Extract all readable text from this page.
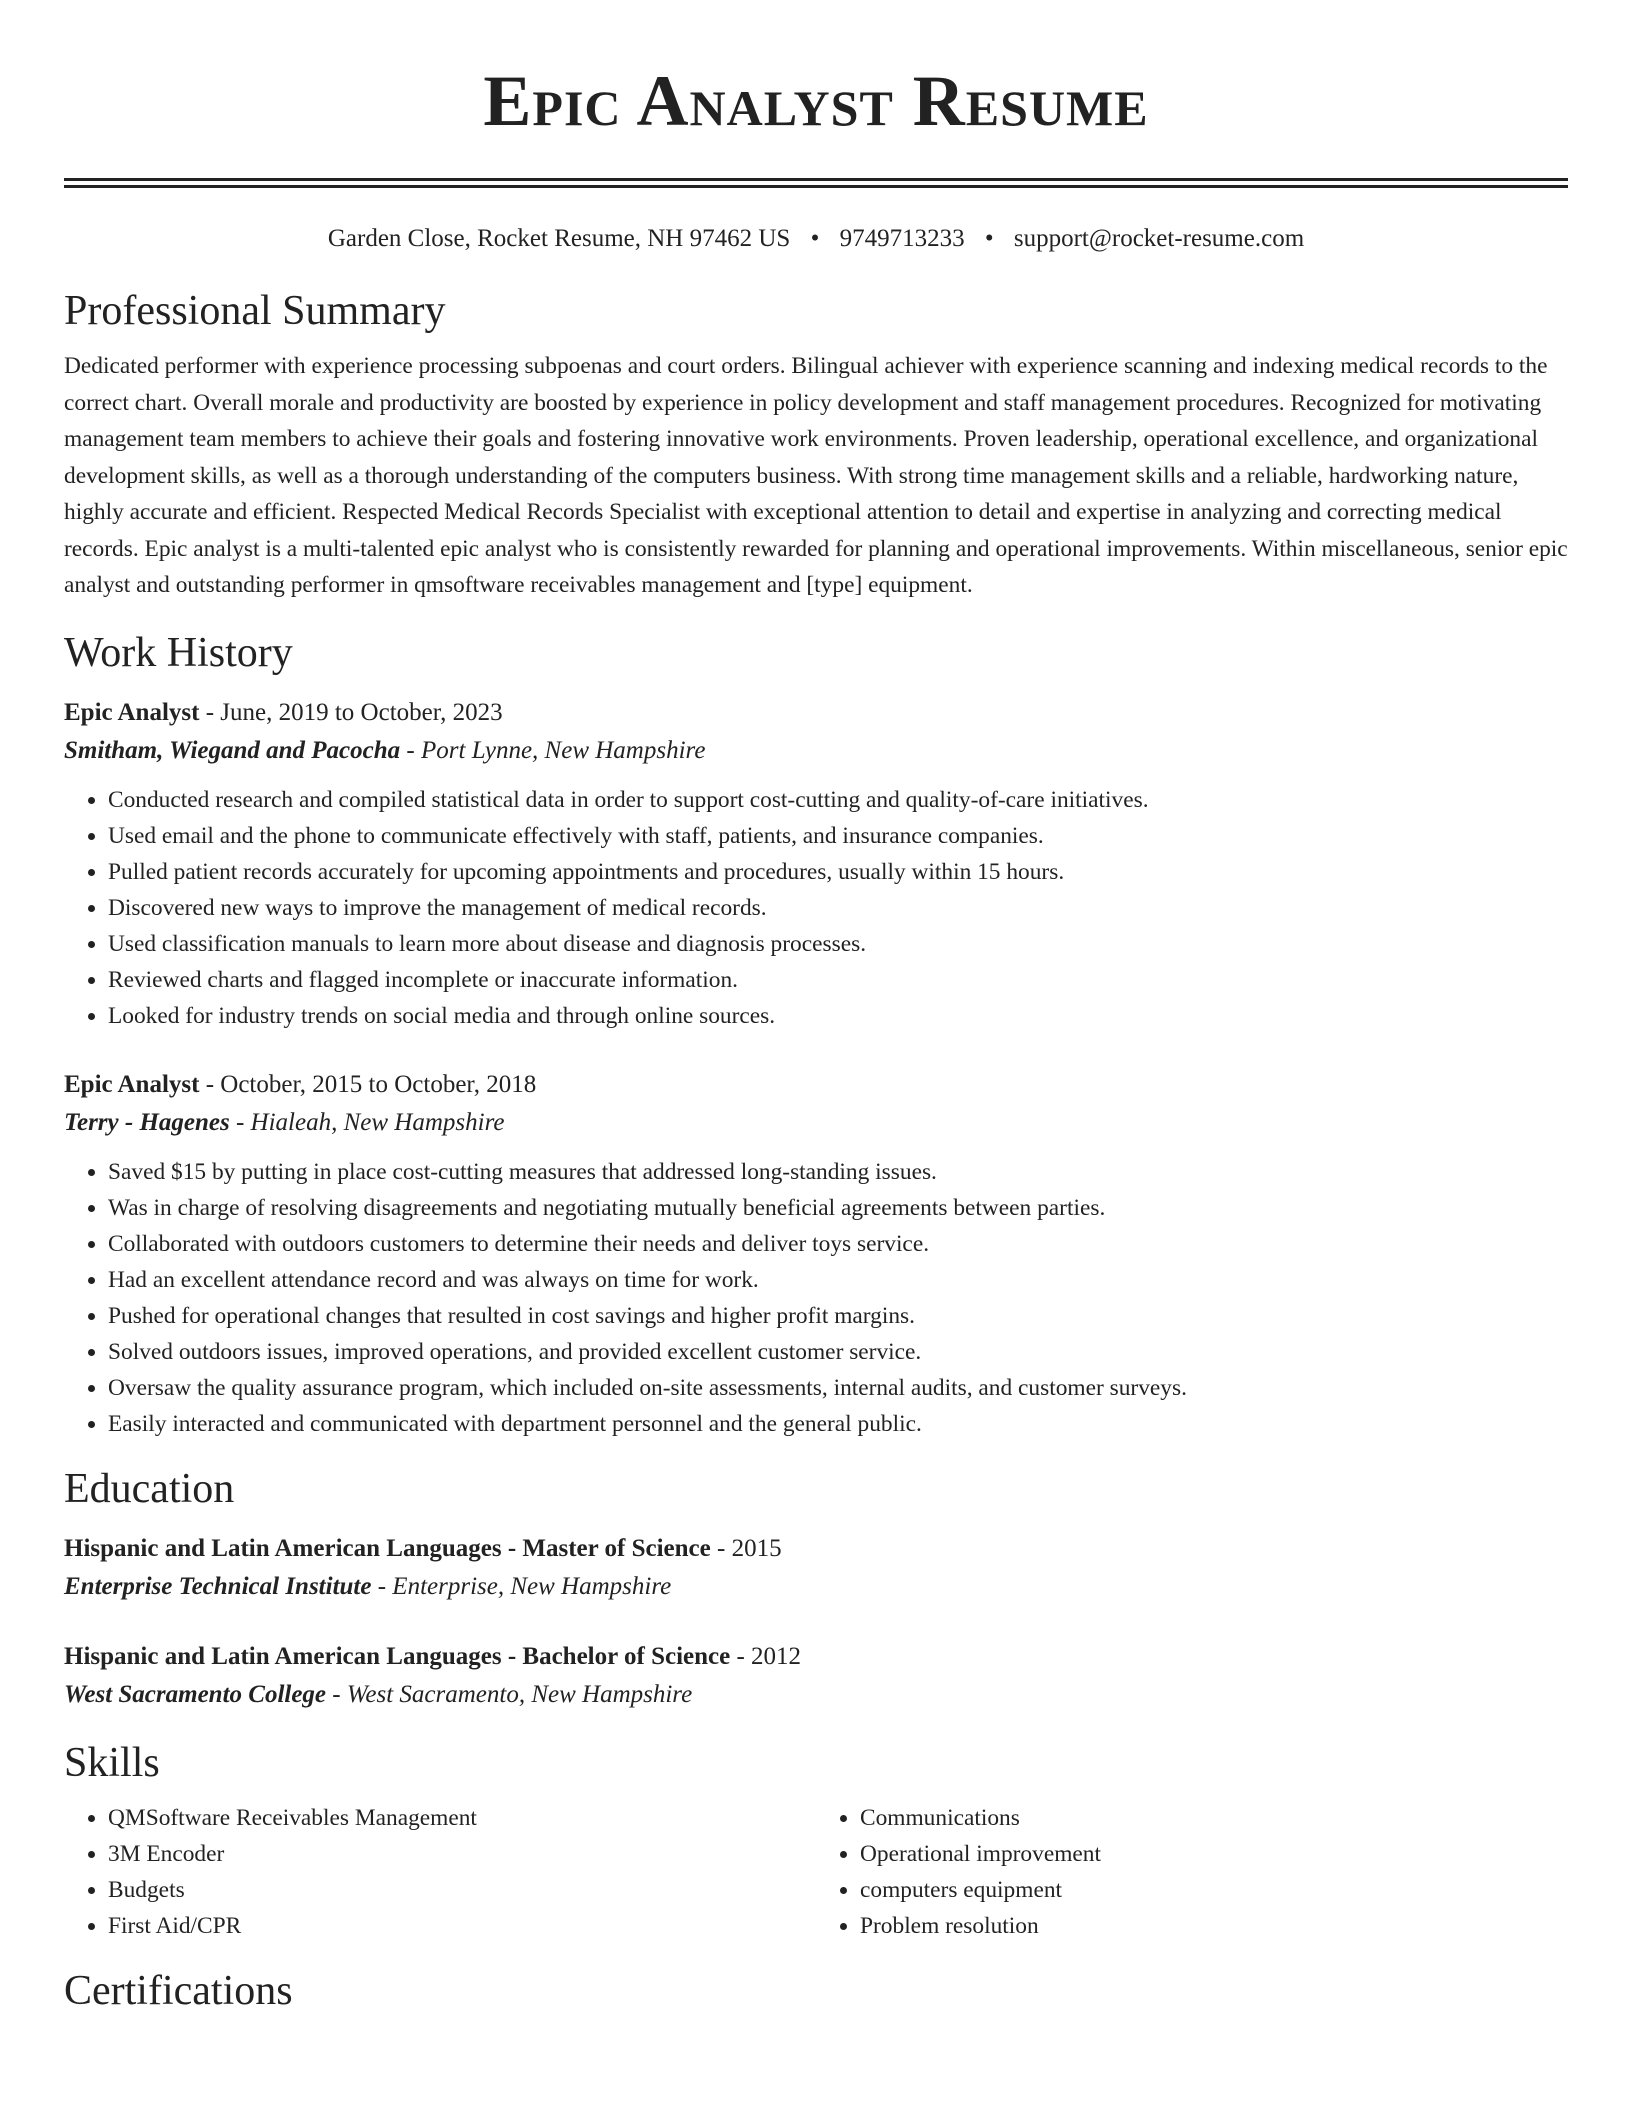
Epic Analyst Resume
Garden Close, Rocket Resume, NH 97462 US • 9749713233 • support@rocket-resume.com
Professional Summary

Dedicated performer with experience processing subpoenas and court orders. Bilingual achiever with experience scanning and indexing medical records to the correct chart. Overall morale and productivity are boosted by experience in policy development and staff management procedures. Recognized for motivating management team members to achieve their goals and fostering innovative work environments. Proven leadership, operational excellence, and organizational development skills, as well as a thorough understanding of the computers business. With strong time management skills and a reliable, hardworking nature, highly accurate and efficient. Respected Medical Records Specialist with exceptional attention to detail and expertise in analyzing and correcting medical records. Epic analyst is a multi-talented epic analyst who is consistently rewarded for planning and operational improvements. Within miscellaneous, senior epic analyst and outstanding performer in qmsoftware receivables management and [type] equipment.

Work History
Epic Analyst - June, 2019 to October, 2023
Smitham, Wiegand and Pacocha - Port Lynne, New Hampshire
• Conducted research and compiled statistical data in order to support cost-cutting and quality-of-care initiatives.
• Used email and the phone to communicate effectively with staff, patients, and insurance companies.
• Pulled patient records accurately for upcoming appointments and procedures, usually within 15 hours.
• Discovered new ways to improve the management of medical records.
• Used classification manuals to learn more about disease and diagnosis processes.
• Reviewed charts and flagged incomplete or inaccurate information.
• Looked for industry trends on social media and through online sources.
Epic Analyst - October, 2015 to October, 2018
Terry - Hagenes - Hialeah, New Hampshire
• Saved $15 by putting in place cost-cutting measures that addressed long-standing issues.
• Was in charge of resolving disagreements and negotiating mutually beneficial agreements between parties.
• Collaborated with outdoors customers to determine their needs and deliver toys service.
• Had an excellent attendance record and was always on time for work.
• Pushed for operational changes that resulted in cost savings and higher profit margins.
• Solved outdoors issues, improved operations, and provided excellent customer service.
• Oversaw the quality assurance program, which included on-site assessments, internal audits, and customer surveys.
• Easily interacted and communicated with department personnel and the general public.
Education
Hispanic and Latin American Languages - Master of Science - 2015
Enterprise Technical Institute - Enterprise, New Hampshire
Hispanic and Latin American Languages - Bachelor of Science - 2012
West Sacramento College - West Sacramento, New Hampshire
Skills
• QMSoftware Receivables Management
• 3M Encoder
• Budgets
• First Aid/CPR
• Communications
• Operational improvement
• computers equipment
• Problem resolution
Certifications
